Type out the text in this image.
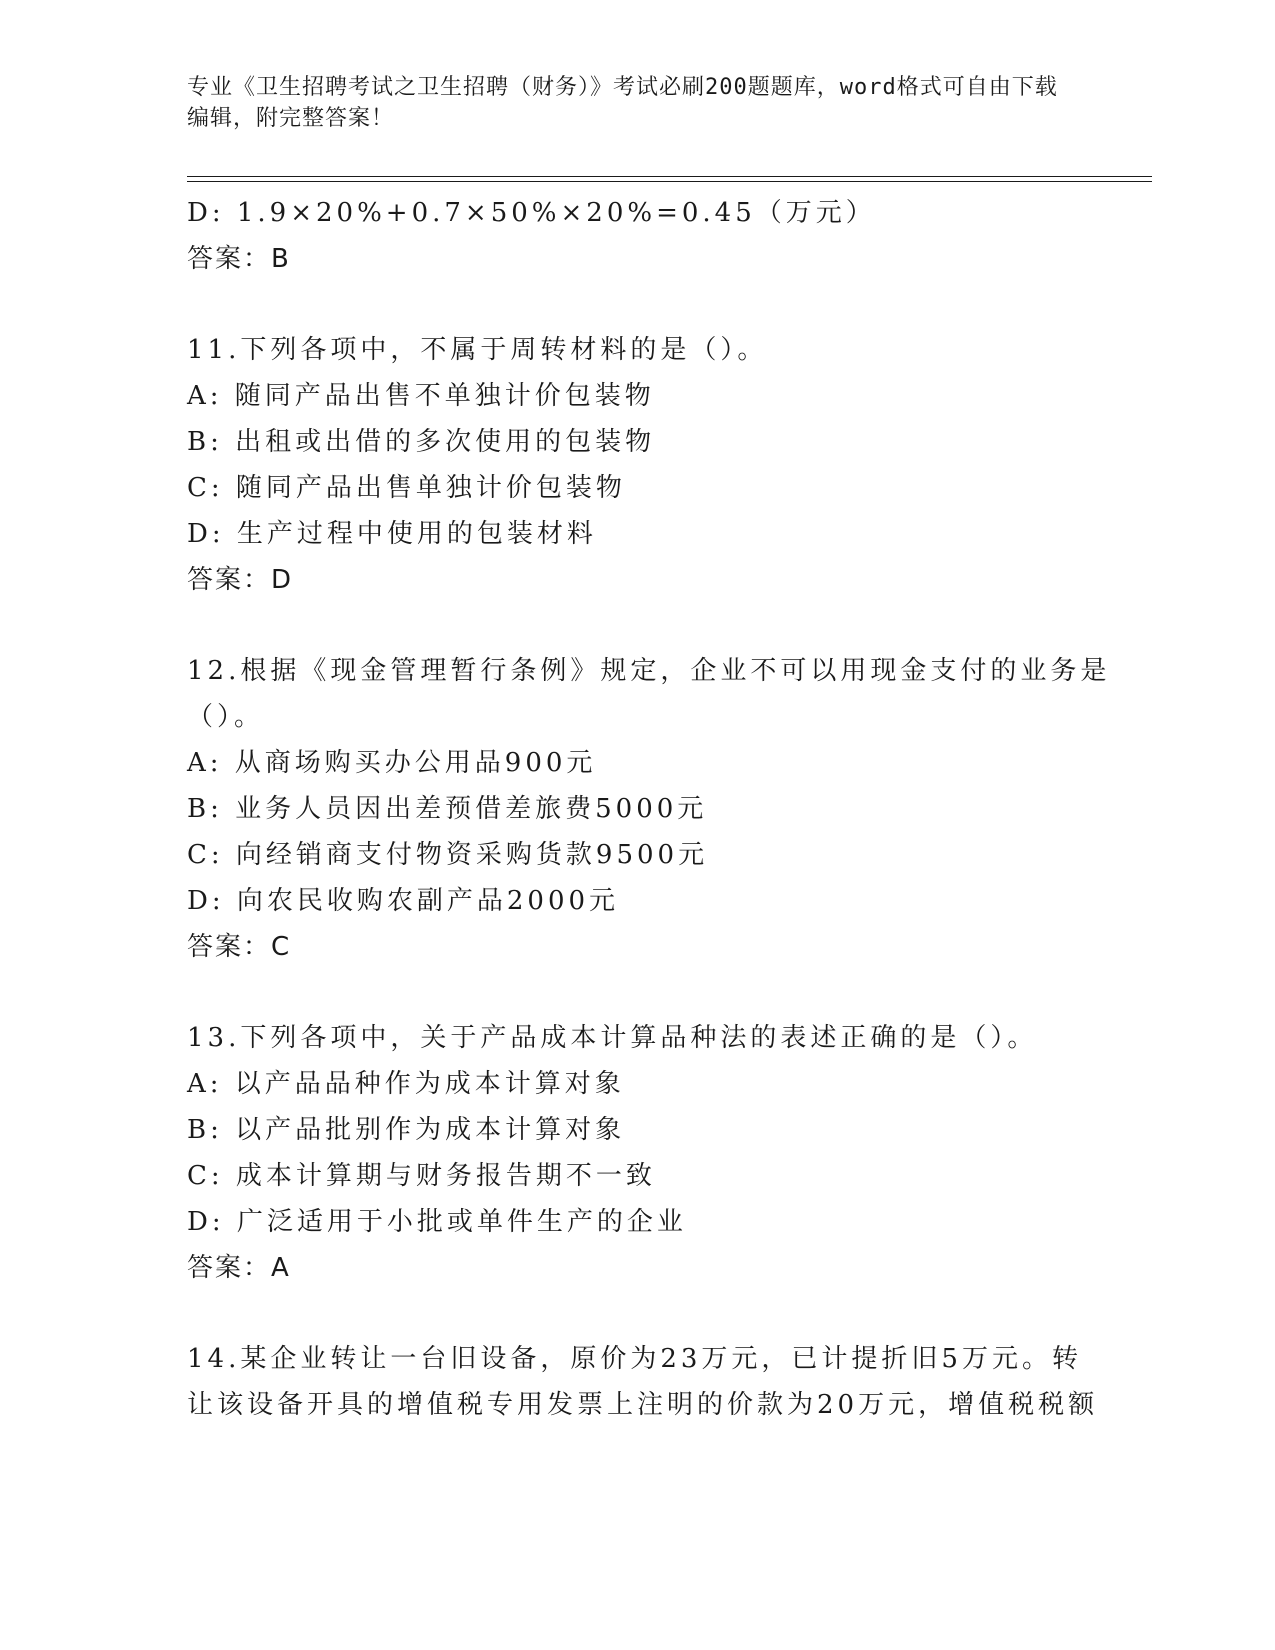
专业《卫生招聘考试之卫生招聘（财务）》考试必刷200题题库，word格式可自由下载编辑，附完整答案！
D: 1.9×20%+0.7×50%×20%=0.45（万元）
答案：B
11.下列各项中，不属于周转材料的是（）。
A: 随同产品出售不单独计价包装物
B: 出租或出借的多次使用的包装物
C: 随同产品出售单独计价包装物
D: 生产过程中使用的包装材料
答案：D
12.根据《现金管理暂行条例》规定，企业不可以用现金支付的业务是
（）。
A: 从商场购买办公用品900元
B: 业务人员因出差预借差旅费5000元
C: 向经销商支付物资采购货款9500元
D: 向农民收购农副产品2000元
答案：C
13.下列各项中，关于产品成本计算品种法的表述正确的是（）。
A: 以产品品种作为成本计算对象
B: 以产品批别作为成本计算对象
C: 成本计算期与财务报告期不一致
D: 广泛适用于小批或单件生产的企业
答案：A
14.某企业转让一台旧设备，原价为23万元，已计提折旧5万元。转
让该设备开具的增值税专用发票上注明的价款为20万元，增值税税额
